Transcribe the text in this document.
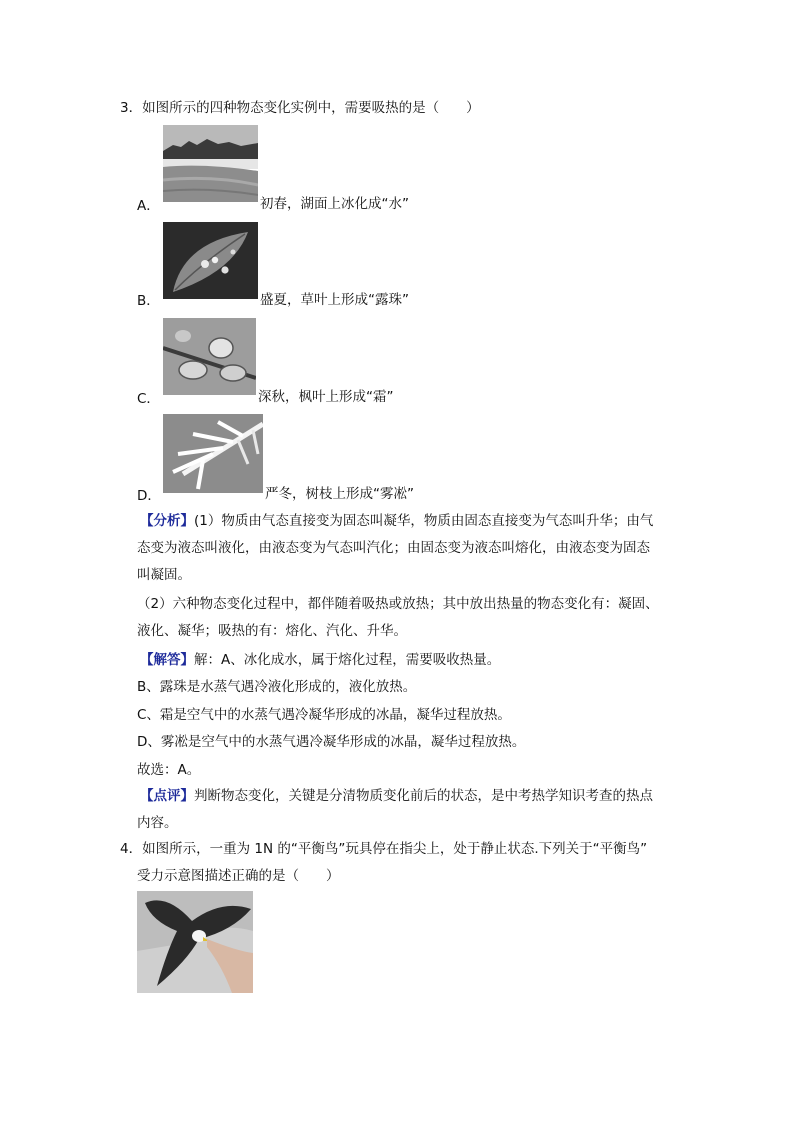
3．如图所示的四种物态变化实例中，需要吸热的是（　　）
A．	初春，湖面上冰化成“水”
B．	盛夏，草叶上形成“露珠”
C．	深秋，枫叶上形成“霜”
D．	严冬，树枝上形成“雾凇”
【分析】(1）物质由气态直接变为固态叫凝华，物质由固态直接变为气态叫升华；由气
态变为液态叫液化，由液态变为气态叫汽化；由固态变为液态叫熔化，由液态变为固态
叫凝固。
（2）六种物态变化过程中，都伴随着吸热或放热；其中放出热量的物态变化有：凝固、
液化、凝华；吸热的有：熔化、汽化、升华。
【解答】解：A、冰化成水，属于熔化过程，需要吸收热量。
B、露珠是水蒸气遇冷液化形成的，液化放热。
C、霜是空气中的水蒸气遇冷凝华形成的冰晶，凝华过程放热。
D、雾凇是空气中的水蒸气遇冷凝华形成的冰晶，凝华过程放热。
故选：A。
【点评】判断物态变化，关键是分清物质变化前后的状态，是中考热学知识考查的热点
内容。
4．如图所示，一重为 1N 的“平衡鸟”玩具停在指尖上，处于静止状态.下列关于“平衡鸟”
受力示意图描述正确的是（　　）
